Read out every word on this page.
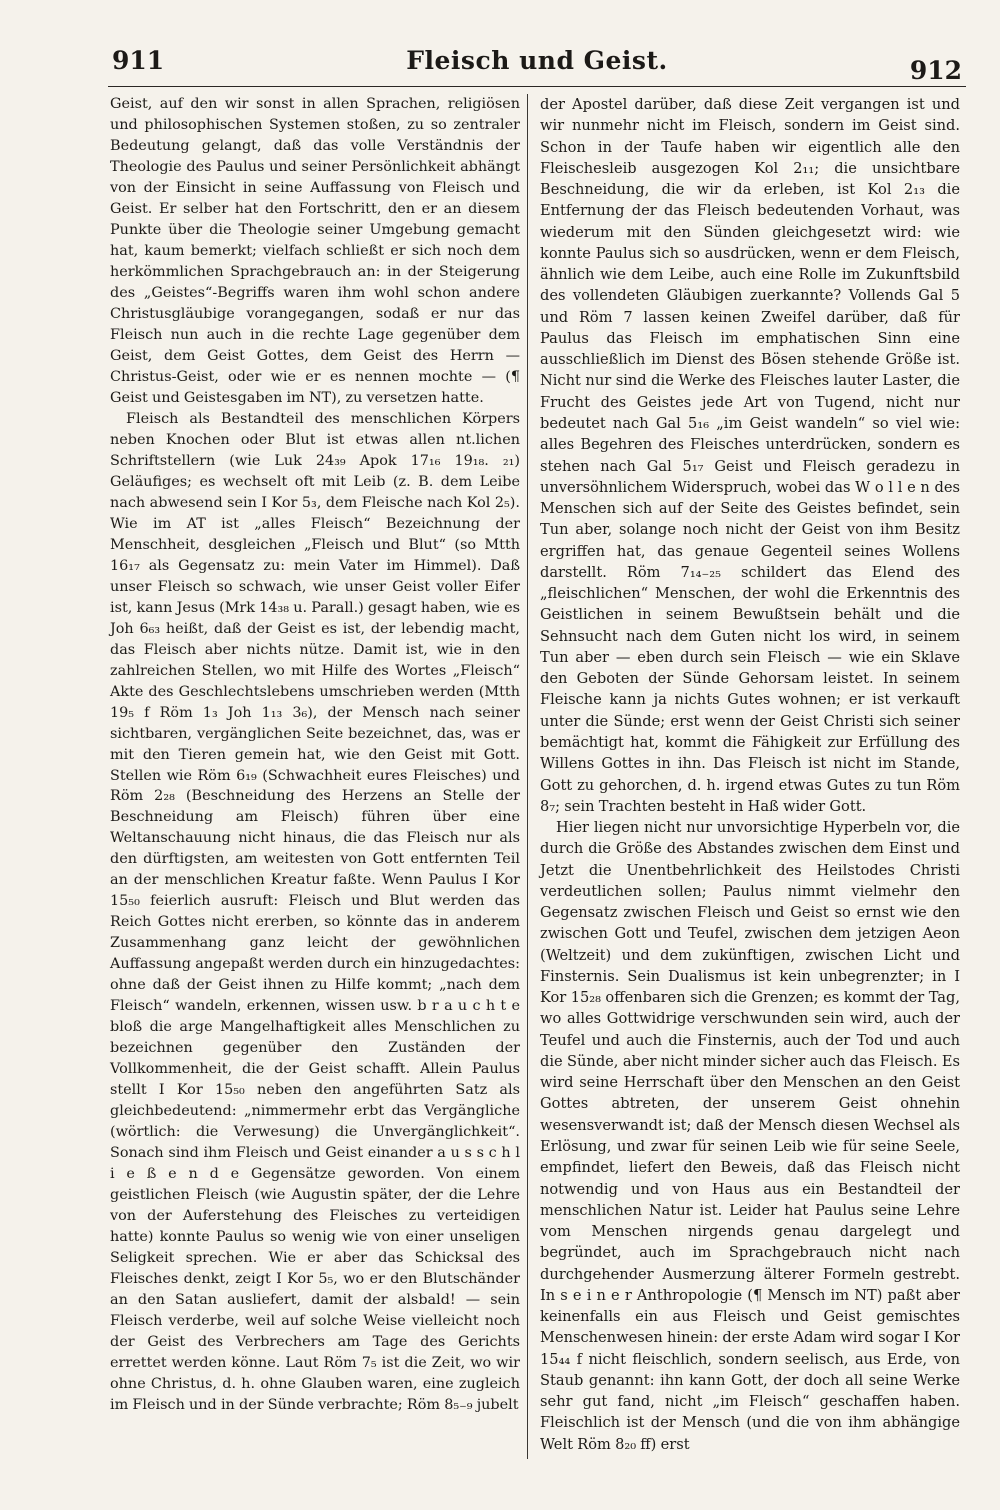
911	Fleisch und Geist.	912

Geist, auf den wir sonst in allen Sprachen, religiösen und philosophischen Systemen stoßen, zu so zentraler Bedeutung gelangt, daß das volle Verständnis der Theologie des Paulus und seiner Persönlichkeit abhängt von der Einsicht in seine Auffassung von Fleisch und Geist. Er selber hat den Fortschritt, den er an diesem Punkte über die Theologie seiner Umgebung gemacht hat, kaum bemerkt; vielfach schließt er sich noch dem herkömmlichen Sprachgebrauch an: in der Steigerung des „Geistes“-Begriffs waren ihm wohl schon andere Christusgläubige vorangegangen, sodaß er nur das Fleisch nun auch in die rechte Lage gegenüber dem Geist, dem Geist Gottes, dem Geist des Herrn — Christus-Geist, oder wie er es nennen mochte — (¶ Geist und Geistesgaben im NT), zu versetzen hatte.

Fleisch als Bestandteil des menschlichen Körpers neben Knochen oder Blut ist etwas allen nt.lichen Schriftstellern (wie Luk 24₃₉ Apok 17₁₆ 19₁₈. ₂₁) Geläufiges; es wechselt oft mit Leib (z. B. dem Leibe nach abwesend sein I Kor 5₃, dem Fleische nach Kol 2₅). Wie im AT ist „alles Fleisch“ Bezeichnung der Menschheit, desgleichen „Fleisch und Blut“ (so Mtth 16₁₇ als Gegensatz zu: mein Vater im Himmel). Daß unser Fleisch so schwach, wie unser Geist voller Eifer ist, kann Jesus (Mrk 14₃₈ u. Parall.) gesagt haben, wie es Joh 6₆₃ heißt, daß der Geist es ist, der lebendig macht, das Fleisch aber nichts nütze. Damit ist, wie in den zahlreichen Stellen, wo mit Hilfe des Wortes „Fleisch“ Akte des Geschlechtslebens umschrieben werden (Mtth 19₅ f Röm 1₃ Joh 1₁₃ 3₆), der Mensch nach seiner sichtbaren, vergänglichen Seite bezeichnet, das, was er mit den Tieren gemein hat, wie den Geist mit Gott. Stellen wie Röm 6₁₉ (Schwachheit eures Fleisches) und Röm 2₂₈ (Beschneidung des Herzens an Stelle der Beschneidung am Fleisch) führen über eine Weltanschauung nicht hinaus, die das Fleisch nur als den dürftigsten, am weitesten von Gott entfernten Teil an der menschlichen Kreatur faßte. Wenn Paulus I Kor 15₅₀ feierlich ausruft: Fleisch und Blut werden das Reich Gottes nicht ererben, so könnte das in anderem Zusammenhang ganz leicht der gewöhnlichen Auffassung angepaßt werden durch ein hinzugedachtes: ohne daß der Geist ihnen zu Hilfe kommt; „nach dem Fleisch“ wandeln, erkennen, wissen usw. b r a u c h t e bloß die arge Mangelhaftigkeit alles Menschlichen zu bezeichnen gegenüber den Zuständen der Vollkommenheit, die der Geist schafft. Allein Paulus stellt I Kor 15₅₀ neben den angeführten Satz als gleichbedeutend: „nimmermehr erbt das Vergängliche (wörtlich: die Verwesung) die Unvergänglichkeit“. Sonach sind ihm Fleisch und Geist einander a u s s c h l i e ß e n d e Gegensätze geworden. Von einem geistlichen Fleisch (wie Augustin später, der die Lehre von der Auferstehung des Fleisches zu verteidigen hatte) konnte Paulus so wenig wie von einer unseligen Seligkeit sprechen. Wie er aber das Schicksal des Fleisches denkt, zeigt I Kor 5₅, wo er den Blutschänder an den Satan ausliefert, damit der alsbald! — sein Fleisch verderbe, weil auf solche Weise vielleicht noch der Geist des Verbrechers am Tage des Gerichts errettet werden könne. Laut Röm 7₅ ist die Zeit, wo wir ohne Christus, d. h. ohne Glauben waren, eine zugleich im Fleisch und in der Sünde verbrachte; Röm 8₅₋₉ jubelt

der Apostel darüber, daß diese Zeit vergangen ist und wir nunmehr nicht im Fleisch, sondern im Geist sind. Schon in der Taufe haben wir eigentlich alle den Fleischesleib ausgezogen Kol 2₁₁; die unsichtbare Beschneidung, die wir da erleben, ist Kol 2₁₃ die Entfernung der das Fleisch bedeutenden Vorhaut, was wiederum mit den Sünden gleichgesetzt wird: wie konnte Paulus sich so ausdrücken, wenn er dem Fleisch, ähnlich wie dem Leibe, auch eine Rolle im Zukunftsbild des vollendeten Gläubigen zuerkannte? Vollends Gal 5 und Röm 7 lassen keinen Zweifel darüber, daß für Paulus das Fleisch im emphatischen Sinn eine ausschließlich im Dienst des Bösen stehende Größe ist. Nicht nur sind die Werke des Fleisches lauter Laster, die Frucht des Geistes jede Art von Tugend, nicht nur bedeutet nach Gal 5₁₆ „im Geist wandeln“ so viel wie: alles Begehren des Fleisches unterdrücken, sondern es stehen nach Gal 5₁₇ Geist und Fleisch geradezu in unversöhnlichem Widerspruch, wobei das W o l l e n des Menschen sich auf der Seite des Geistes befindet, sein Tun aber, solange noch nicht der Geist von ihm Besitz ergriffen hat, das genaue Gegenteil seines Wollens darstellt. Röm 7₁₄₋₂₅ schildert das Elend des „fleischlichen“ Menschen, der wohl die Erkenntnis des Geistlichen in seinem Bewußtsein behält und die Sehnsucht nach dem Guten nicht los wird, in seinem Tun aber — eben durch sein Fleisch — wie ein Sklave den Geboten der Sünde Gehorsam leistet. In seinem Fleische kann ja nichts Gutes wohnen; er ist verkauft unter die Sünde; erst wenn der Geist Christi sich seiner bemächtigt hat, kommt die Fähigkeit zur Erfüllung des Willens Gottes in ihn. Das Fleisch ist nicht im Stande, Gott zu gehorchen, d. h. irgend etwas Gutes zu tun Röm 8₇; sein Trachten besteht in Haß wider Gott.

Hier liegen nicht nur unvorsichtige Hyperbeln vor, die durch die Größe des Abstandes zwischen dem Einst und Jetzt die Unentbehrlichkeit des Heilstodes Christi verdeutlichen sollen; Paulus nimmt vielmehr den Gegensatz zwischen Fleisch und Geist so ernst wie den zwischen Gott und Teufel, zwischen dem jetzigen Aeon (Weltzeit) und dem zukünftigen, zwischen Licht und Finsternis. Sein Dualismus ist kein unbegrenzter; in I Kor 15₂₈ offenbaren sich die Grenzen; es kommt der Tag, wo alles Gottwidrige verschwunden sein wird, auch der Teufel und auch die Finsternis, auch der Tod und auch die Sünde, aber nicht minder sicher auch das Fleisch. Es wird seine Herrschaft über den Menschen an den Geist Gottes abtreten, der unserem Geist ohnehin wesensverwandt ist; daß der Mensch diesen Wechsel als Erlösung, und zwar für seinen Leib wie für seine Seele, empfindet, liefert den Beweis, daß das Fleisch nicht notwendig und von Haus aus ein Bestandteil der menschlichen Natur ist. Leider hat Paulus seine Lehre vom Menschen nirgends genau dargelegt und begründet, auch im Sprachgebrauch nicht nach durchgehender Ausmerzung älterer Formeln gestrebt. In s e i n e r Anthropologie (¶ Mensch im NT) paßt aber keinenfalls ein aus Fleisch und Geist gemischtes Menschenwesen hinein: der erste Adam wird sogar I Kor 15₄₄ f nicht fleischlich, sondern seelisch, aus Erde, von Staub genannt: ihn kann Gott, der doch all seine Werke sehr gut fand, nicht „im Fleisch“ geschaffen haben. Fleischlich ist der Mensch (und die von ihm abhängige Welt Röm 8₂₀ ff) erst
